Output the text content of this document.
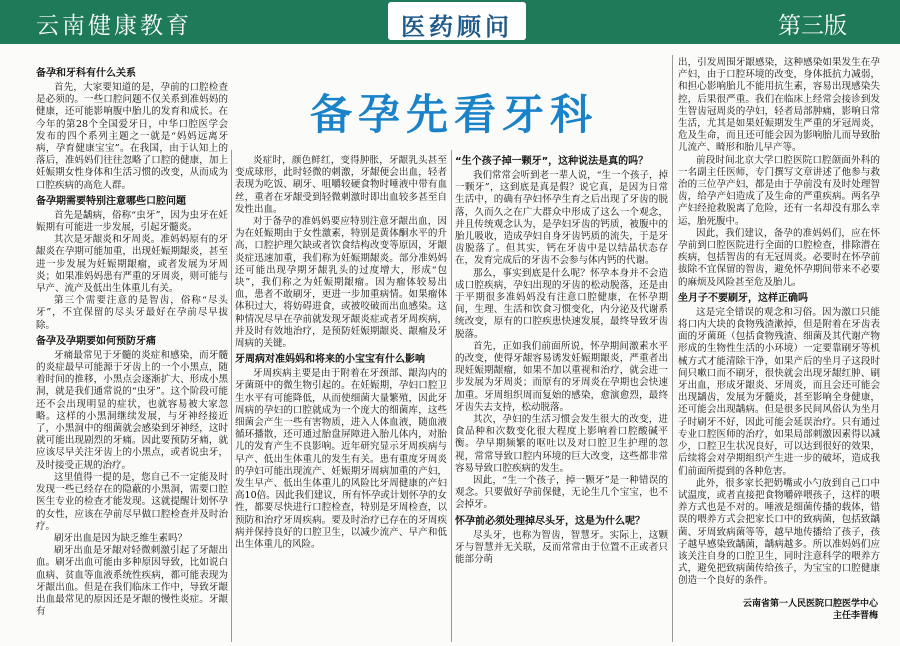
云南健康教育	医药顾问	第三版
备孕先看牙科
备孕和牙科有什么关系

首先，大家要知道的是，孕前的口腔检查是必须的。一些口腔问题不仅关系到准妈妈的健康，还可能影响腹中胎儿的发育和成长。在今年的第28个全国爱牙日，中华口腔医学会发布的四个系列主题之一就是“妈妈远离牙病，孕育健康宝宝”。在我国，由于认知上的落后，准妈妈们往往忽略了口腔的健康，加上妊娠期女性身体和生活习惯的改变，从而成为口腔疾病的高危人群。

备孕期需要特别注意哪些口腔问题

首先是龋病，俗称“虫牙”，因为虫牙在妊娠期有可能进一步发展，引起牙髓炎。

其次是牙龈炎和牙周炎。准妈妈原有的牙龈炎在孕期可能加重，出现妊娠期龈炎，甚至进一步发展为妊娠期龈瘤，或者发展为牙周炎；如果准妈妈患有严重的牙周炎，则可能与早产、流产及低出生体重儿有关。

第三个需要注意的是智齿，俗称“尽头牙”，不宜保留的尽头牙最好在孕前尽早拔除。

备孕及孕期要如何预防牙痛

牙痛最常见于牙髓的炎症和感染，而牙髓的炎症最早可能源于牙齿上的一个小黑点，随着时间的推移，小黑点会逐渐扩大、形成小黑洞，就是我们通常说的“虫牙”。这个阶段可能还不会出现明显的症状，也就容易被大家忽略。这样的小黑洞继续发展，与牙神经接近了，小黑洞中的细菌就会感染到牙神经，这时就可能出现剧烈的牙痛。因此要预防牙痛，就应该尽早关注牙齿上的小黑点，或者说虫牙，及时接受正规的治疗。

这里值得一提的是，您自己不一定能及时发现一些已经存在的隐蔽的小黑洞，需要口腔医生专业的检查才能发现。这就提醒计划怀孕的女性，应该在孕前尽早做口腔检查并及时治疗。

刷牙出血是因为缺乏维生素吗？

刷牙出血是牙龈对轻微刺激引起了牙龈出血。刷牙出血可能由多种原因导致，比如说白血病、贫血等血液系统性疾病，都可能表现为牙龈出血。但是在我们临床工作中，导致牙龈出血最常见的原因还是牙龈的慢性炎症。牙龈有

炎症时，颜色鲜红，变得肿胀，牙龈乳头甚至变成球形，此时轻微的刺激，牙龈便会出血，轻者表现为吃饭、刷牙、咀嚼较硬食物时唾液中带有血丝，重者在牙龈受到轻微刺激时即出血较多甚至自发性出血。

对于备孕的准妈妈要应特别注意牙龈出血，因为在妊娠期由于女性激素，特别是黄体酮水平的升高，口腔护理欠缺或者饮食结构改变等原因，牙龈炎症迅速加重，我们称为妊娠期龈炎。部分准妈妈还可能出现孕期牙龈乳头的过度增大，形成“包块”，我们称之为妊娠期龈瘤。因为瘤体较易出血，患者不敢刷牙，更进一步加重病情。如果瘤体体积过大，将妨碍进食，或被咬破而出血感染。这种情况尽早在孕前就发现牙龈炎症或者牙周疾病，并及时有效地治疗，是预防妊娠期龈炎、龈瘤及牙周病的关键。

牙周病对准妈妈和将来的小宝宝有什么影响

牙周疾病主要是由于附着在牙颈部、龈沟内的牙菌斑中的微生物引起的。在妊娠期，孕妇口腔卫生水平有可能降低，从而使细菌大量繁殖，因此牙周病的孕妇的口腔就成为一个庞大的细菌库，这些细菌会产生一些有害物质，进入人体血液，随血液循环播散，还可通过胎盘屏障进入胎儿体内，对胎儿的发育产生不良影响。近年研究显示牙周疾病与早产、低出生体重儿的发生有关。患有重度牙周炎的孕妇可能出现流产、妊娠期牙周病加重的产妇，发生早产、低出生体重儿的风险比牙周健康的产妇高10倍。因此我们建议，所有怀孕或计划怀孕的女性，都要尽快进行口腔检查，特别是牙周检查，以预防和治疗牙周疾病。要及时治疗已存在的牙周疾病并保持良好的口腔卫生，以减少流产、早产和低出生体重儿的风险。

“生个孩子掉一颗牙”，这种说法是真的吗？

我们常常会听到老一辈人说，“生一个孩子，掉一颗牙”，这到底是真是假？说它真，是因为日常生活中，的确有孕妇怀孕生育之后出现了牙齿的脱落，久而久之在广大群众中形成了这么一个观念，并且传统观念认为，是孕妇牙齿的钙质，被腹中的胎儿吸收，造成孕妇自身牙齿钙质的流失，于是牙齿脱落了。但其实，钙在牙齿中是以结晶状态存在，发育完成后的牙齿不会参与体内钙的代谢。

那么，事实到底是什么呢？怀孕本身并不会造成口腔疾病，孕妇出现的牙齿的松动脱落，还是由于平期很多准妈妈没有注意口腔健康，在怀孕期间，生理、生活和饮食习惯变化，内分泌及代谢系统改变，原有的口腔疾患快速发展，最终导致牙齿脱落。

首先，正如我们前面所说，怀孕期间激素水平的改变，使得牙龈容易诱发妊娠期龈炎，严重者出现妊娠期龈瘤，如果不加以重视和治疗，就会进一步发展为牙周炎；而原有的牙周炎在孕期也会快速加重。牙周组织周而复始的感染，愈演愈烈，最终牙齿失去支持，松动脱落。

其次，孕妇的生活习惯会发生很大的改变，进食品种和次数变化很大程度上影响着口腔酸碱平衡。孕早期频繁的呕吐以及对口腔卫生护理的忽视，常常导致口腔内环境的巨大改变，这些都非常容易导致口腔疾病的发生。

因此，“生一个孩子，掉一颗牙”是一种错误的观念。只要做好孕前保健，无论生几个宝宝，也不会掉牙。

怀孕前必须处理掉尽头牙，这是为什么呢？

尽头牙，也称为智齿，智慧牙。实际上，这颗牙与智慧并无关联，反而常常由于位置不正或者只能部分萌

出，引发周围牙龈感染，这种感染如果发生在孕产妇，由于口腔环境的改变，身体抵抗力减弱，和担心影响胎儿不能用抗生素，容易出现感染失控，后果很严重。我们在临床上经常会接诊到发生智齿冠周炎的孕妇，轻者局部肿痛，影响日常生活，尤其是如果妊娠期发生严重的牙冠周炎，危及生命，而且还可能会因为影响胎儿而导致胎儿流产、畸形和胎儿早产等。

前段时间北京大学口腔医院口腔颌面外科的一名副主任医师，专门撰写文章讲述了他参与救治的三位孕产妇，都是由于孕前没有及时处理智齿，给孕产妇造成了及生命的严重疾病。两名孕产妇经抢救脱离了危险，还有一名却没有那么幸运，胎死腹中。

因此，我们建议，备孕的准妈妈们，应在怀孕前到口腔医院进行全面的口腔检查，排除潜在疾病，包括智齿的有无冠周炎。必要时在怀孕前拔除不宜保留的智齿，避免怀孕期间带来不必要的麻烦及风险甚至危及胎儿。

坐月子不要刷牙，这样正确吗

这是完全错误的观念和习俗。因为激口只能将口内大块的食物残渣漱掉，但是附着在牙齿表面的牙菌斑（包括食物残渣、细菌及其代谢产物形成的生物性生活的小环境）一定要靠刷牙等机械方式才能清除干净，如果产后的坐月子这段时间只嗽口而不刷牙，很快就会出现牙龈红肿、刷牙出血，形成牙龈炎、牙周炎，而且会还可能会出现龋齿，发展为牙髓炎，甚至影响全身健康，还可能会出现龋病。但是很多民间风俗认为坐月子时刷牙不好，因此可能会延误治疗。只有通过专业口腔医师的治疗，如果局部刺激因素得以减少，口腔卫生状况良好，可以达到很好的效果，后续将会对孕期组织产生进一步的破坏，造成我们前面所提到的各种危害。

此外，很多家长把奶嘴或小勺放到自己口中试温度，或者直接把食物嚼碎喂孩子，这样的喂养方式也是不对的。唾液是细菌传播的载体，错误的喂养方式会把家长口中的致病菌，包括致龋菌、牙周致病菌等等，越早地传播给了孩子，孩子越早感染致龋菌，龋病越多。所以准妈妈们应该关注自身的口腔卫生，同时注意科学的喂养方式，避免把致病菌传给孩子，为宝宝的口腔健康创造一个良好的条件。

云南省第一人民医院口腔医学中心
主任李晋梅
